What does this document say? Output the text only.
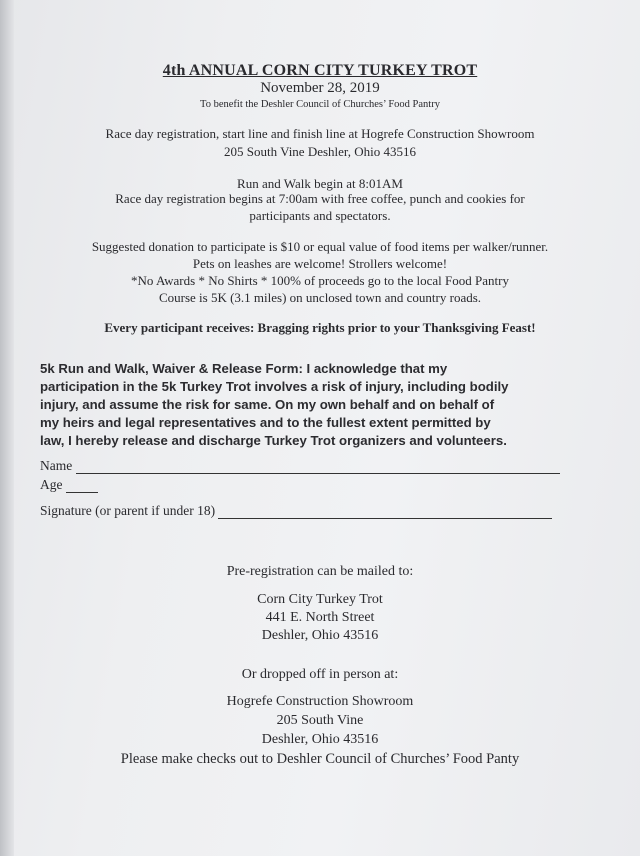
4th ANNUAL CORN CITY TURKEY TROT
November 28, 2019
To benefit the Deshler Council of Churches’ Food Pantry
Race day registration, start line and finish line at Hogrefe Construction Showroom
205 South Vine Deshler, Ohio 43516
Run and Walk begin at 8:01AM
Race day registration begins at 7:00am with free coffee, punch and cookies for
participants and spectators.
Suggested donation to participate is $10 or equal value of food items per walker/runner.
Pets on leashes are welcome! Strollers welcome!
*No Awards * No Shirts * 100% of proceeds go to the local Food Pantry
Course is 5K (3.1 miles) on unclosed town and country roads.
Every participant receives: Bragging rights prior to your Thanksgiving Feast!
5k Run and Walk, Waiver & Release Form: I acknowledge that my
participation in the 5k Turkey Trot involves a risk of injury, including bodily
injury, and assume the risk for same. On my own behalf and on behalf of
my heirs and legal representatives and to the fullest extent permitted by
law, I hereby release and discharge Turkey Trot organizers and volunteers.
Name
Age
Signature (or parent if under 18)
Pre-registration can be mailed to:
Corn City Turkey Trot
441 E. North Street
Deshler, Ohio 43516
Or dropped off in person at:
Hogrefe Construction Showroom
205 South Vine
Deshler, Ohio 43516
Please make checks out to Deshler Council of Churches’ Food Panty
